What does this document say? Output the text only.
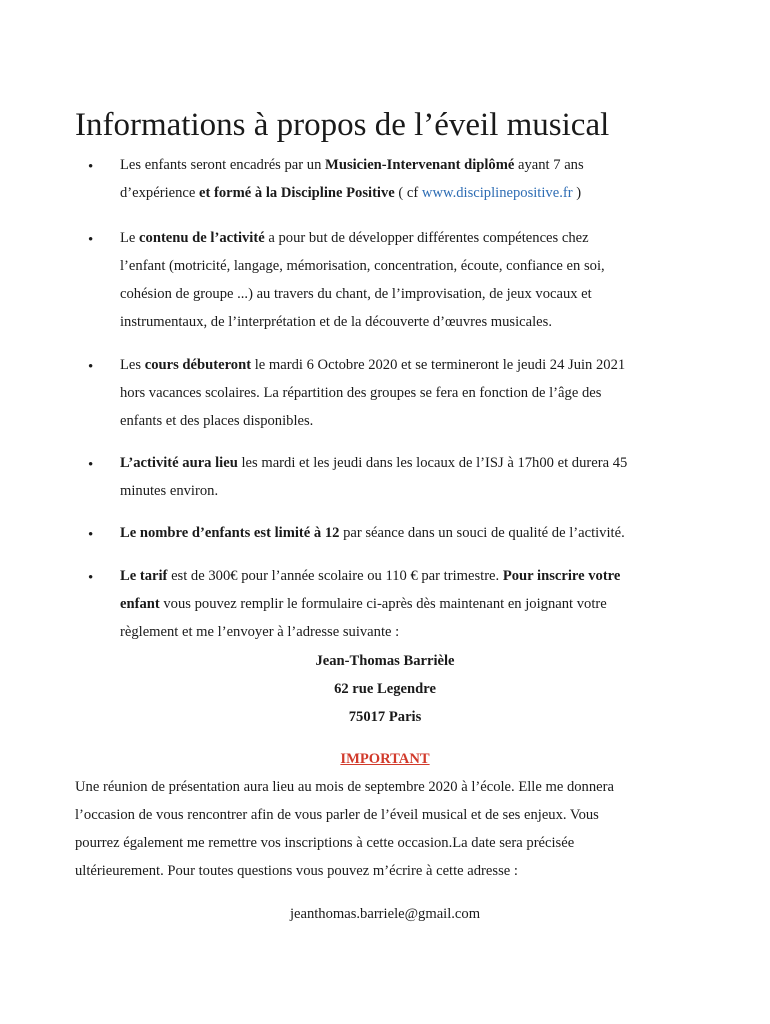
Informations à propos de l’éveil musical
•	Les enfants seront encadrés par un Musicien-Intervenant diplômé ayant 7 ans
d’expérience et formé à la Discipline Positive ( cf www.disciplinepositive.fr )
•	Le contenu de l’activité a pour but de développer différentes compétences chez
l’enfant (motricité, langage, mémorisation, concentration, écoute, confiance en soi,
cohésion de groupe ...) au travers du chant, de l’improvisation, de jeux vocaux et
instrumentaux, de l’interprétation et de la découverte d’œuvres musicales.
•	Les cours débuteront le mardi 6 Octobre 2020 et se termineront le jeudi 24 Juin 2021
hors vacances scolaires. La répartition des groupes se fera en fonction de l’âge des
enfants et des places disponibles.
•	L’activité aura lieu les mardi et les jeudi dans les locaux de l’ISJ à 17h00 et durera 45
minutes environ.
•	Le nombre d’enfants est limité à 12 par séance dans un souci de qualité de l’activité.
•	Le tarif est de 300€ pour l’année scolaire ou 110 € par trimestre. Pour inscrire votre
enfant vous pouvez remplir le formulaire ci-après dès maintenant en joignant votre
règlement et me l’envoyer à l’adresse suivante :
Jean-Thomas Barrièle
62 rue Legendre
75017 Paris
IMPORTANT
Une réunion de présentation aura lieu au mois de septembre 2020 à l’école. Elle me donnera
l’occasion de vous rencontrer afin de vous parler de l’éveil musical et de ses enjeux. Vous
pourrez également me remettre vos inscriptions à cette occasion.La date sera précisée
ultérieurement. Pour toutes questions vous pouvez m’écrire à cette adresse :
jeanthomas.barriele@gmail.com
